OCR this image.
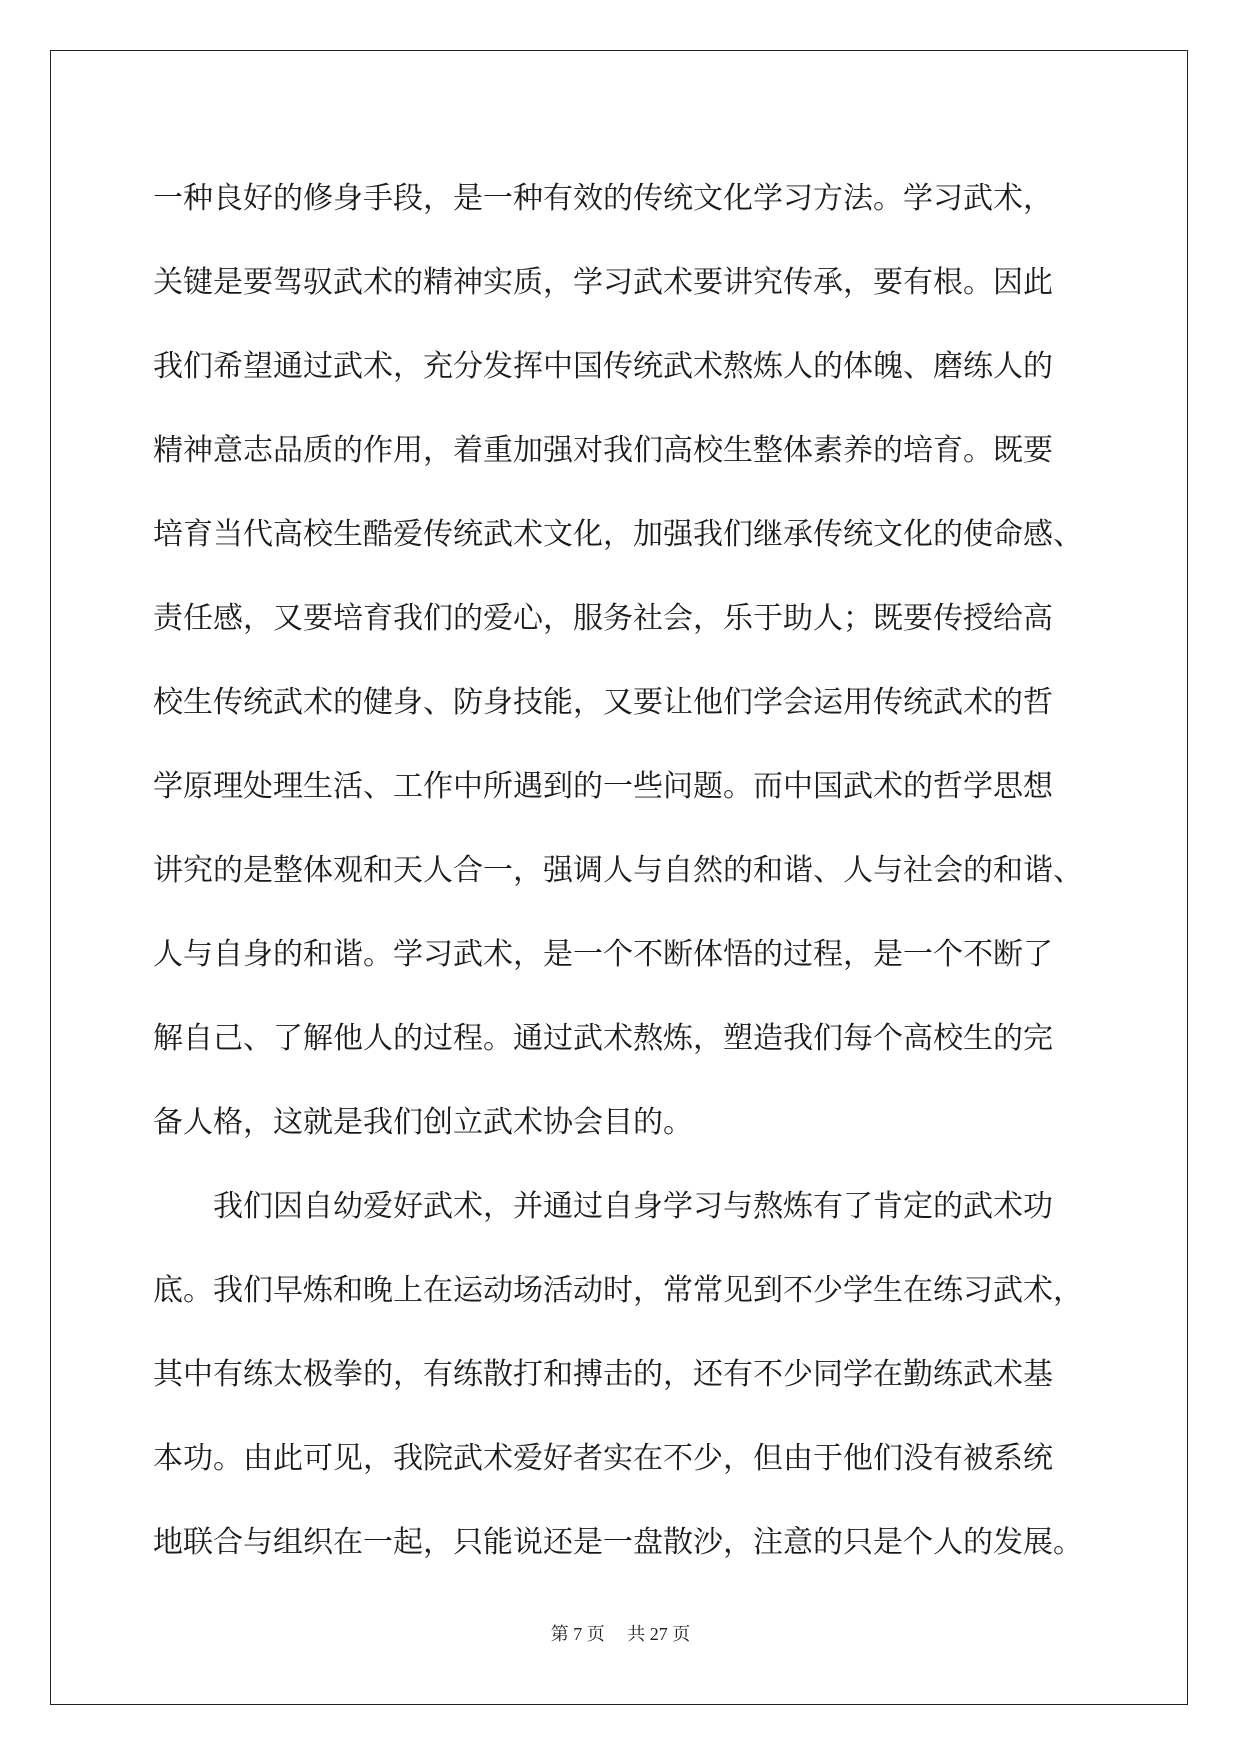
一种良好的修身手段，是一种有效的传统文化学习方法。学习武术，

关键是要驾驭武术的精神实质，学习武术要讲究传承，要有根。因此

我们希望通过武术，充分发挥中国传统武术熬炼人的体魄、磨练人的

精神意志品质的作用，着重加强对我们高校生整体素养的培育。既要

培育当代高校生酷爱传统武术文化，加强我们继承传统文化的使命感、

责任感，又要培育我们的爱心，服务社会，乐于助人；既要传授给高

校生传统武术的健身、防身技能，又要让他们学会运用传统武术的哲

学原理处理生活、工作中所遇到的一些问题。而中国武术的哲学思想

讲究的是整体观和天人合一，强调人与自然的和谐、人与社会的和谐、

人与自身的和谐。学习武术，是一个不断体悟的过程，是一个不断了

解自己、了解他人的过程。通过武术熬炼，塑造我们每个高校生的完

备人格，这就是我们创立武术协会目的。

　　我们因自幼爱好武术，并通过自身学习与熬炼有了肯定的武术功

底。我们早炼和晚上在运动场活动时，常常见到不少学生在练习武术，

其中有练太极拳的，有练散打和搏击的，还有不少同学在勤练武术基

本功。由此可见，我院武术爱好者实在不少，但由于他们没有被系统

地联合与组织在一起，只能说还是一盘散沙，注意的只是个人的发展。

第 7 页　 共 27 页
